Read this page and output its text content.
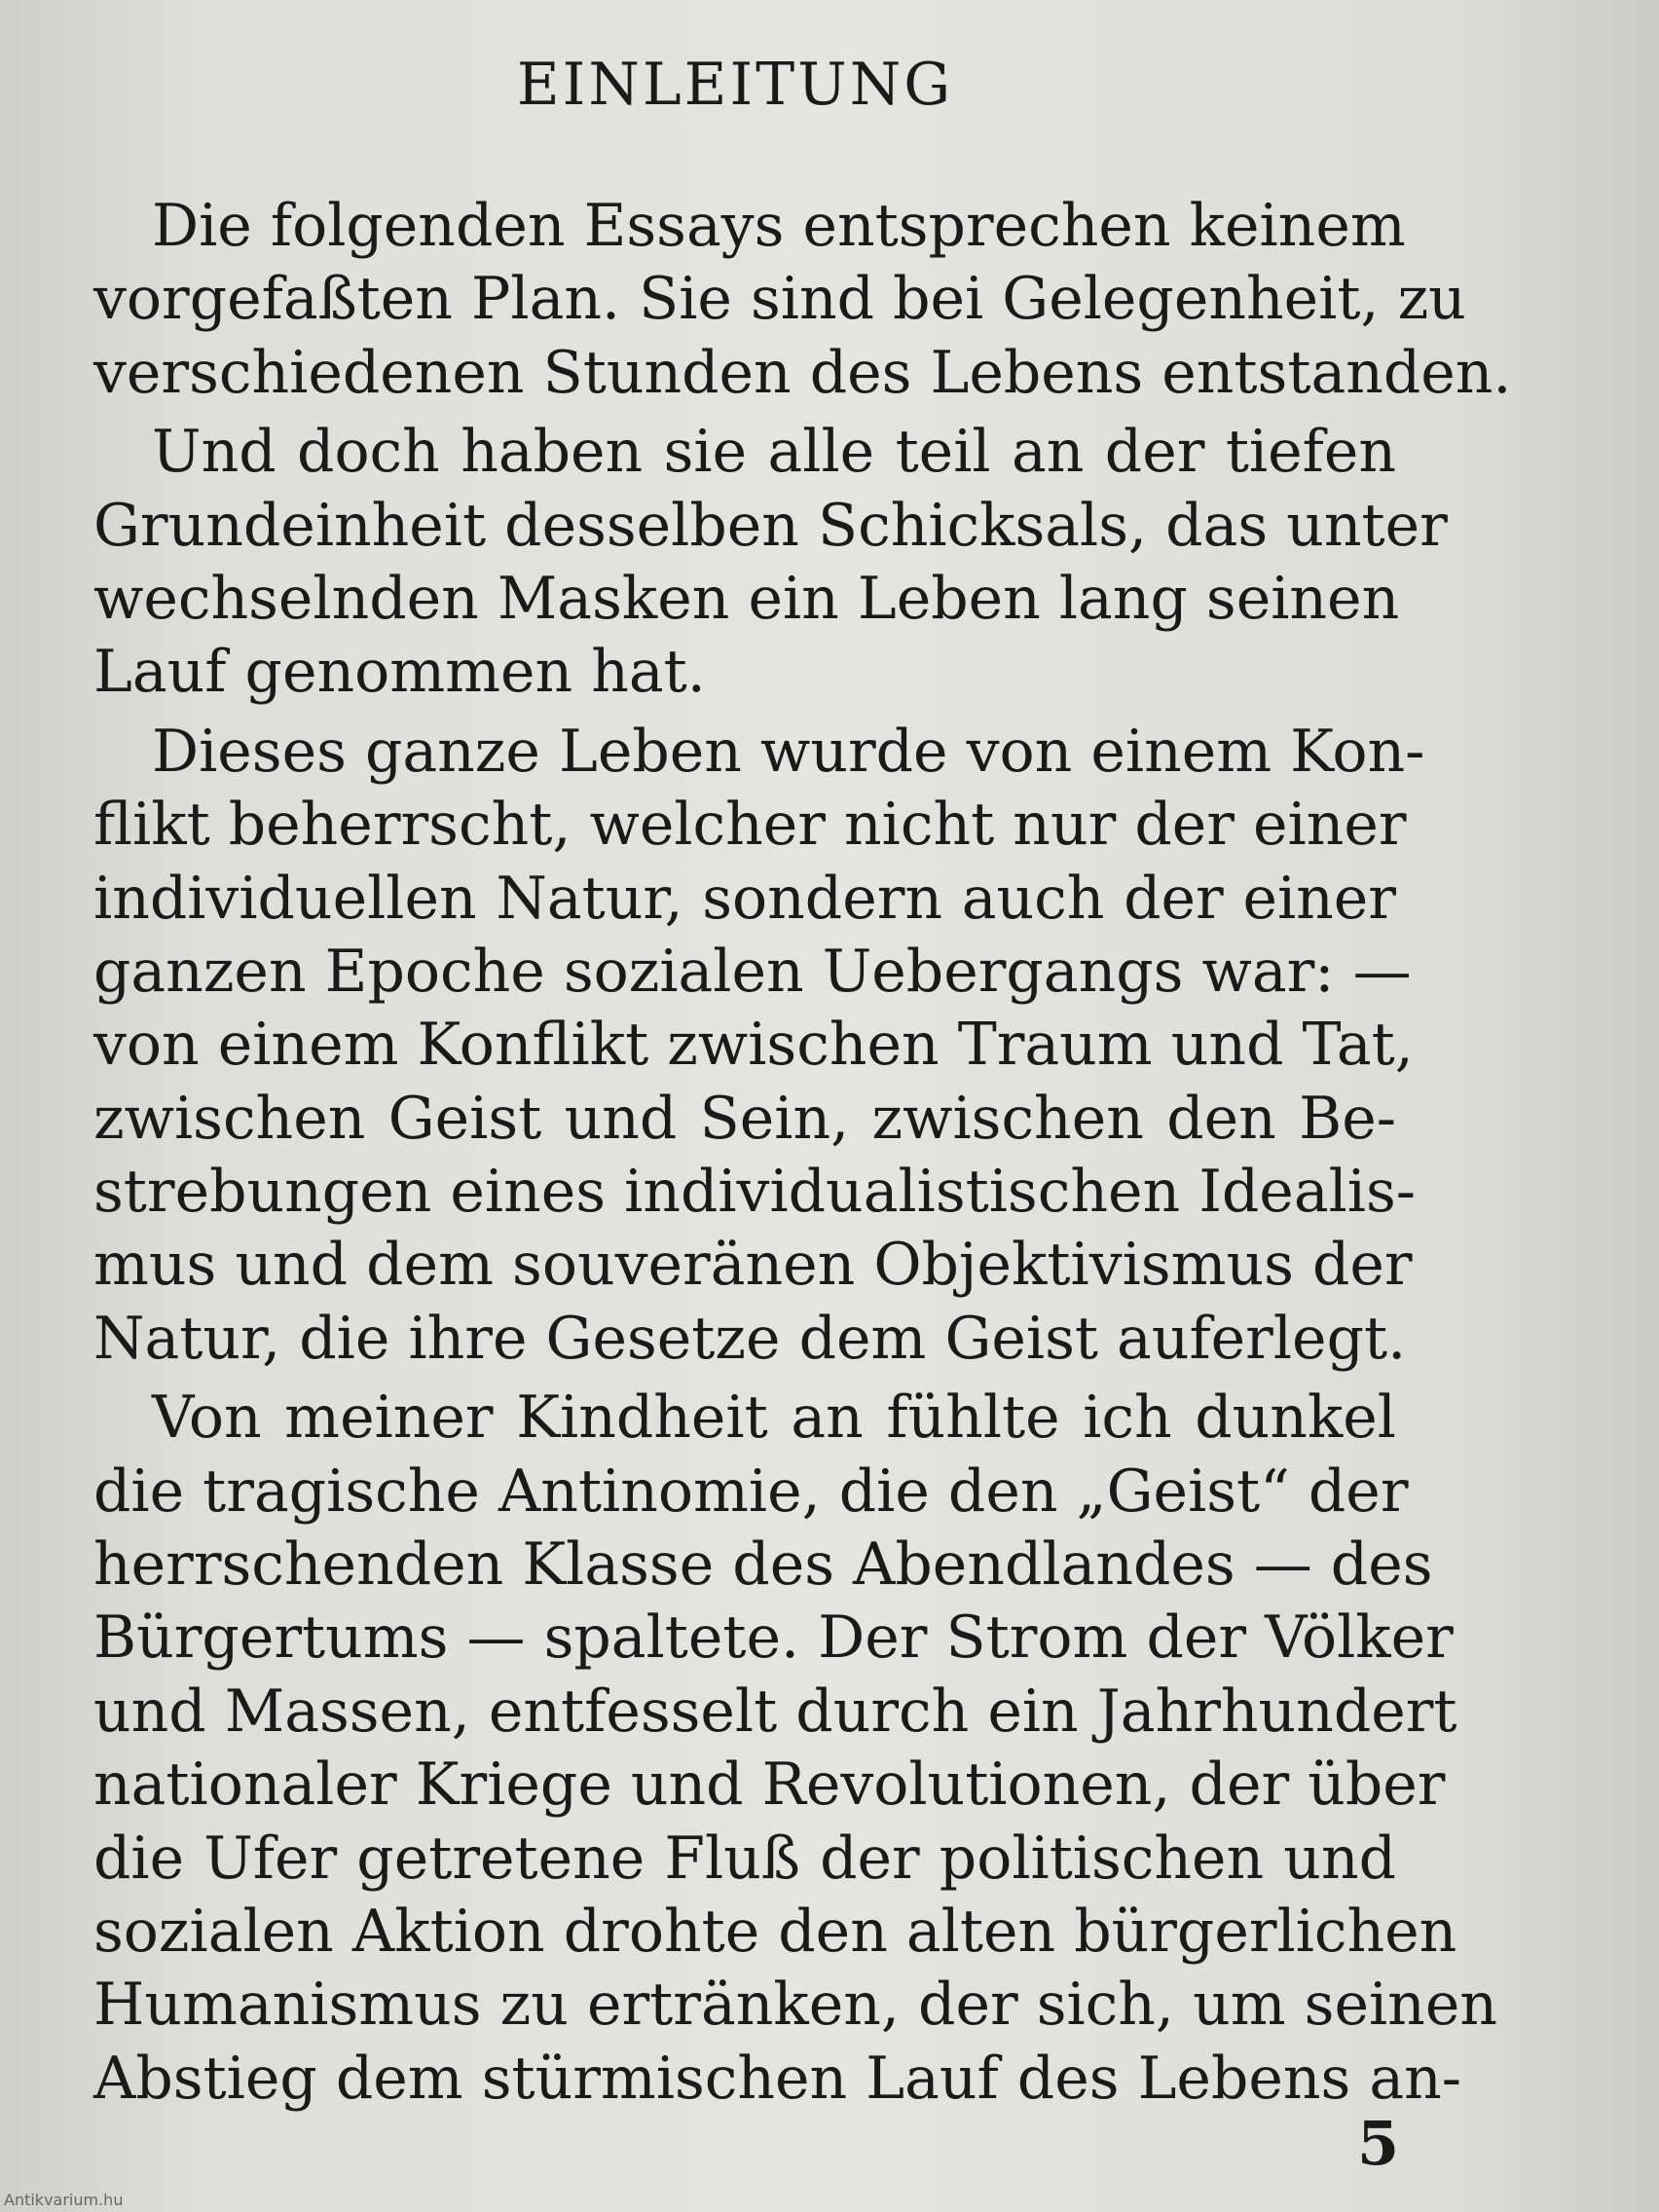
EINLEITUNG
Die folgenden Essays entsprechen keinem
vorgefaßten Plan. Sie sind bei Gelegenheit, zu
verschiedenen Stunden des Lebens entstanden.
Und doch haben sie alle teil an der tiefen
Grundeinheit desselben Schicksals, das unter
wechselnden Masken ein Leben lang seinen
Lauf genommen hat.
Dieses ganze Leben wurde von einem Kon-
flikt beherrscht, welcher nicht nur der einer
individuellen Natur, sondern auch der einer
ganzen Epoche sozialen Uebergangs war: —
von einem Konflikt zwischen Traum und Tat,
zwischen Geist und Sein, zwischen den Be-
strebungen eines individualistischen Idealis-
mus und dem souveränen Objektivismus der
Natur, die ihre Gesetze dem Geist auferlegt.
Von meiner Kindheit an fühlte ich dunkel
die tragische Antinomie, die den „Geist“ der
herrschenden Klasse des Abendlandes — des
Bürgertums — spaltete. Der Strom der Völker
und Massen, entfesselt durch ein Jahrhundert
nationaler Kriege und Revolutionen, der über
die Ufer getretene Fluß der politischen und
sozialen Aktion drohte den alten bürgerlichen
Humanismus zu ertränken, der sich, um seinen
Abstieg dem stürmischen Lauf des Lebens an-
5
Antikvarium.hu
